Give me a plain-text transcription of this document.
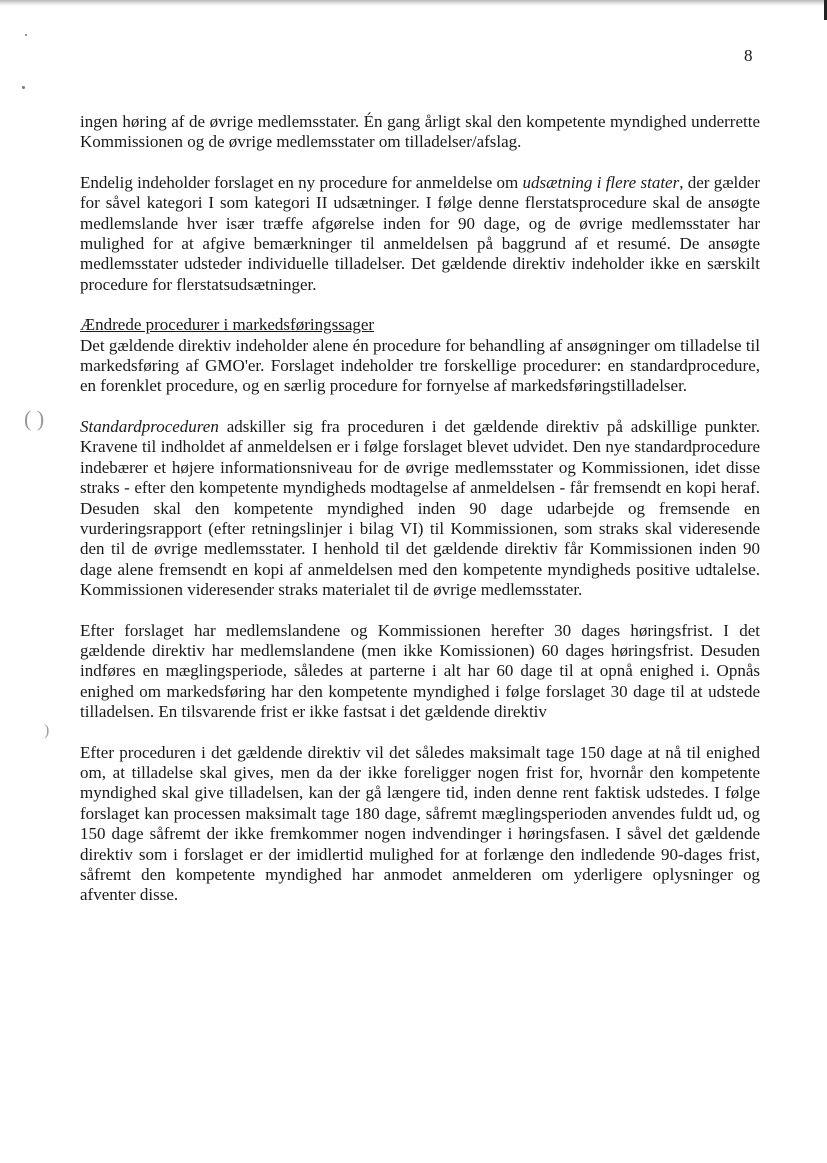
( )
)
8

ingen høring af de øvrige medlemsstater. Én gang årligt skal den kompetente myndighed underrette Kommissionen og de øvrige medlemsstater om tilladelser/afslag.

Endelig indeholder forslaget en ny procedure for anmeldelse om udsætning i flere stater, der gælder for såvel kategori I som kategori II udsætninger. I følge denne flerstatsprocedure skal de ansøgte medlemslande hver især træffe afgørelse inden for 90 dage, og de øvrige medlemsstater har mulighed for at afgive bemærkninger til anmeldelsen på baggrund af et resumé. De ansøgte medlemsstater udsteder individuelle tilladelser. Det gældende direktiv indeholder ikke en særskilt procedure for flerstatsudsætninger.

Ændrede procedurer i markedsføringssager

Det gældende direktiv indeholder alene én procedure for behandling af ansøgninger om tilladelse til markedsføring af GMO'er. Forslaget indeholder tre forskellige procedurer: en standardprocedure, en forenklet procedure, og en særlig procedure for fornyelse af markedsføringstilladelser.

Standardproceduren adskiller sig fra proceduren i det gældende direktiv på adskillige punkter. Kravene til indholdet af anmeldelsen er i følge forslaget blevet udvidet. Den nye standardprocedure indebærer et højere informationsniveau for de øvrige medlemsstater og Kommissionen, idet disse straks - efter den kompetente myndigheds modtagelse af anmeldelsen - får fremsendt en kopi heraf. Desuden skal den kompetente myndighed inden 90 dage udarbejde og fremsende en vurderingsrapport (efter retningslinjer i bilag VI) til Kommissionen, som straks skal videresende den til de øvrige medlemsstater. I henhold til det gældende direktiv får Kommissionen inden 90 dage alene fremsendt en kopi af anmeldelsen med den kompetente myndigheds positive udtalelse. Kommissionen videresender straks materialet til de øvrige medlemsstater.

Efter forslaget har medlemslandene og Kommissionen herefter 30 dages høringsfrist. I det gældende direktiv har medlemslandene (men ikke Komissionen) 60 dages høringsfrist. Desuden indføres en mæglingsperiode, således at parterne i alt har 60 dage til at opnå enighed i. Opnås enighed om markedsføring har den kompetente myndighed i følge forslaget 30 dage til at udstede tilladelsen. En tilsvarende frist er ikke fastsat i det gældende direktiv

Efter proceduren i det gældende direktiv vil det således maksimalt tage 150 dage at nå til enighed om, at tilladelse skal gives, men da der ikke foreligger nogen frist for, hvornår den kompetente myndighed skal give tilladelsen, kan der gå længere tid, inden denne rent faktisk udstedes. I følge forslaget kan processen maksimalt tage 180 dage, såfremt mæglingsperioden anvendes fuldt ud, og 150 dage såfremt der ikke fremkommer nogen indvendinger i høringsfasen. I såvel det gældende direktiv som i forslaget er der imidlertid mulighed for at forlænge den indledende 90-dages frist, såfremt den kompetente myndighed har anmodet anmelderen om yderligere oplysninger og afventer disse.
